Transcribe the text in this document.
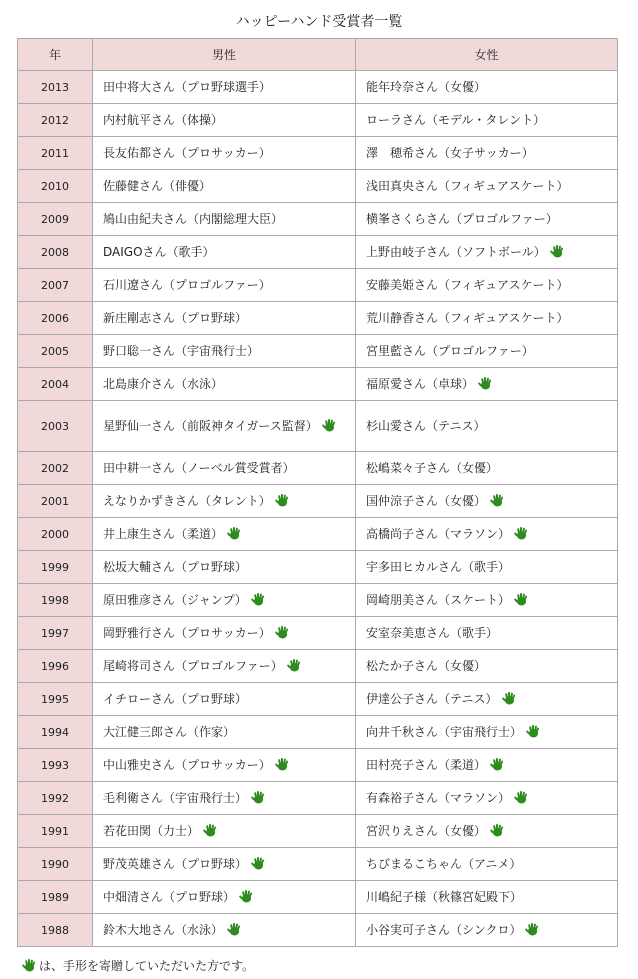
ハッピーハンド受賞者一覧
年	男性	女性
2013	田中将大さん（プロ野球選手）	能年玲奈さん（女優）
2012	内村航平さん（体操）	ローラさん（モデル・タレント）
2011	長友佑都さん（プロサッカー）	澤　穂希さん（女子サッカー）
2010	佐藤健さん（俳優）	浅田真央さん（フィギュアスケート）
2009	鳩山由紀夫さん（内閣総理大臣）	横峯さくらさん（プロゴルファー）
2008	DAIGOさん（歌手）	上野由岐子さん（ソフトボール）
2007	石川遼さん（プロゴルファー）	安藤美姫さん（フィギュアスケート）
2006	新庄剛志さん（プロ野球）	荒川静香さん（フィギュアスケート）
2005	野口聡一さん（宇宙飛行士）	宮里藍さん（プロゴルファー）
2004	北島康介さん（水泳）	福原愛さん（卓球）
2003	星野仙一さん（前阪神タイガース監督）	杉山愛さん（テニス）
2002	田中耕一さん（ノーベル賞受賞者）	松嶋菜々子さん（女優）
2001	えなりかずきさん（タレント）	国仲涼子さん（女優）
2000	井上康生さん（柔道）	高橋尚子さん（マラソン）
1999	松坂大輔さん（プロ野球）	宇多田ヒカルさん（歌手）
1998	原田雅彦さん（ジャンプ）	岡崎朋美さん（スケート）
1997	岡野雅行さん（プロサッカー）	安室奈美恵さん（歌手）
1996	尾崎将司さん（プロゴルファー）	松たか子さん（女優）
1995	イチローさん（プロ野球）	伊達公子さん（テニス）
1994	大江健三郎さん（作家）	向井千秋さん（宇宙飛行士）
1993	中山雅史さん（プロサッカー）	田村亮子さん（柔道）
1992	毛利衛さん（宇宙飛行士）	有森裕子さん（マラソン）
1991	若花田関（力士）	宮沢りえさん（女優）
1990	野茂英雄さん（プロ野球）	ちびまるこちゃん（アニメ）
1989	中畑清さん（プロ野球）	川嶋紀子様（秋篠宮妃殿下）
1988	鈴木大地さん（水泳）	小谷実可子さん（シンクロ）
は、手形を寄贈していただいた方です。
